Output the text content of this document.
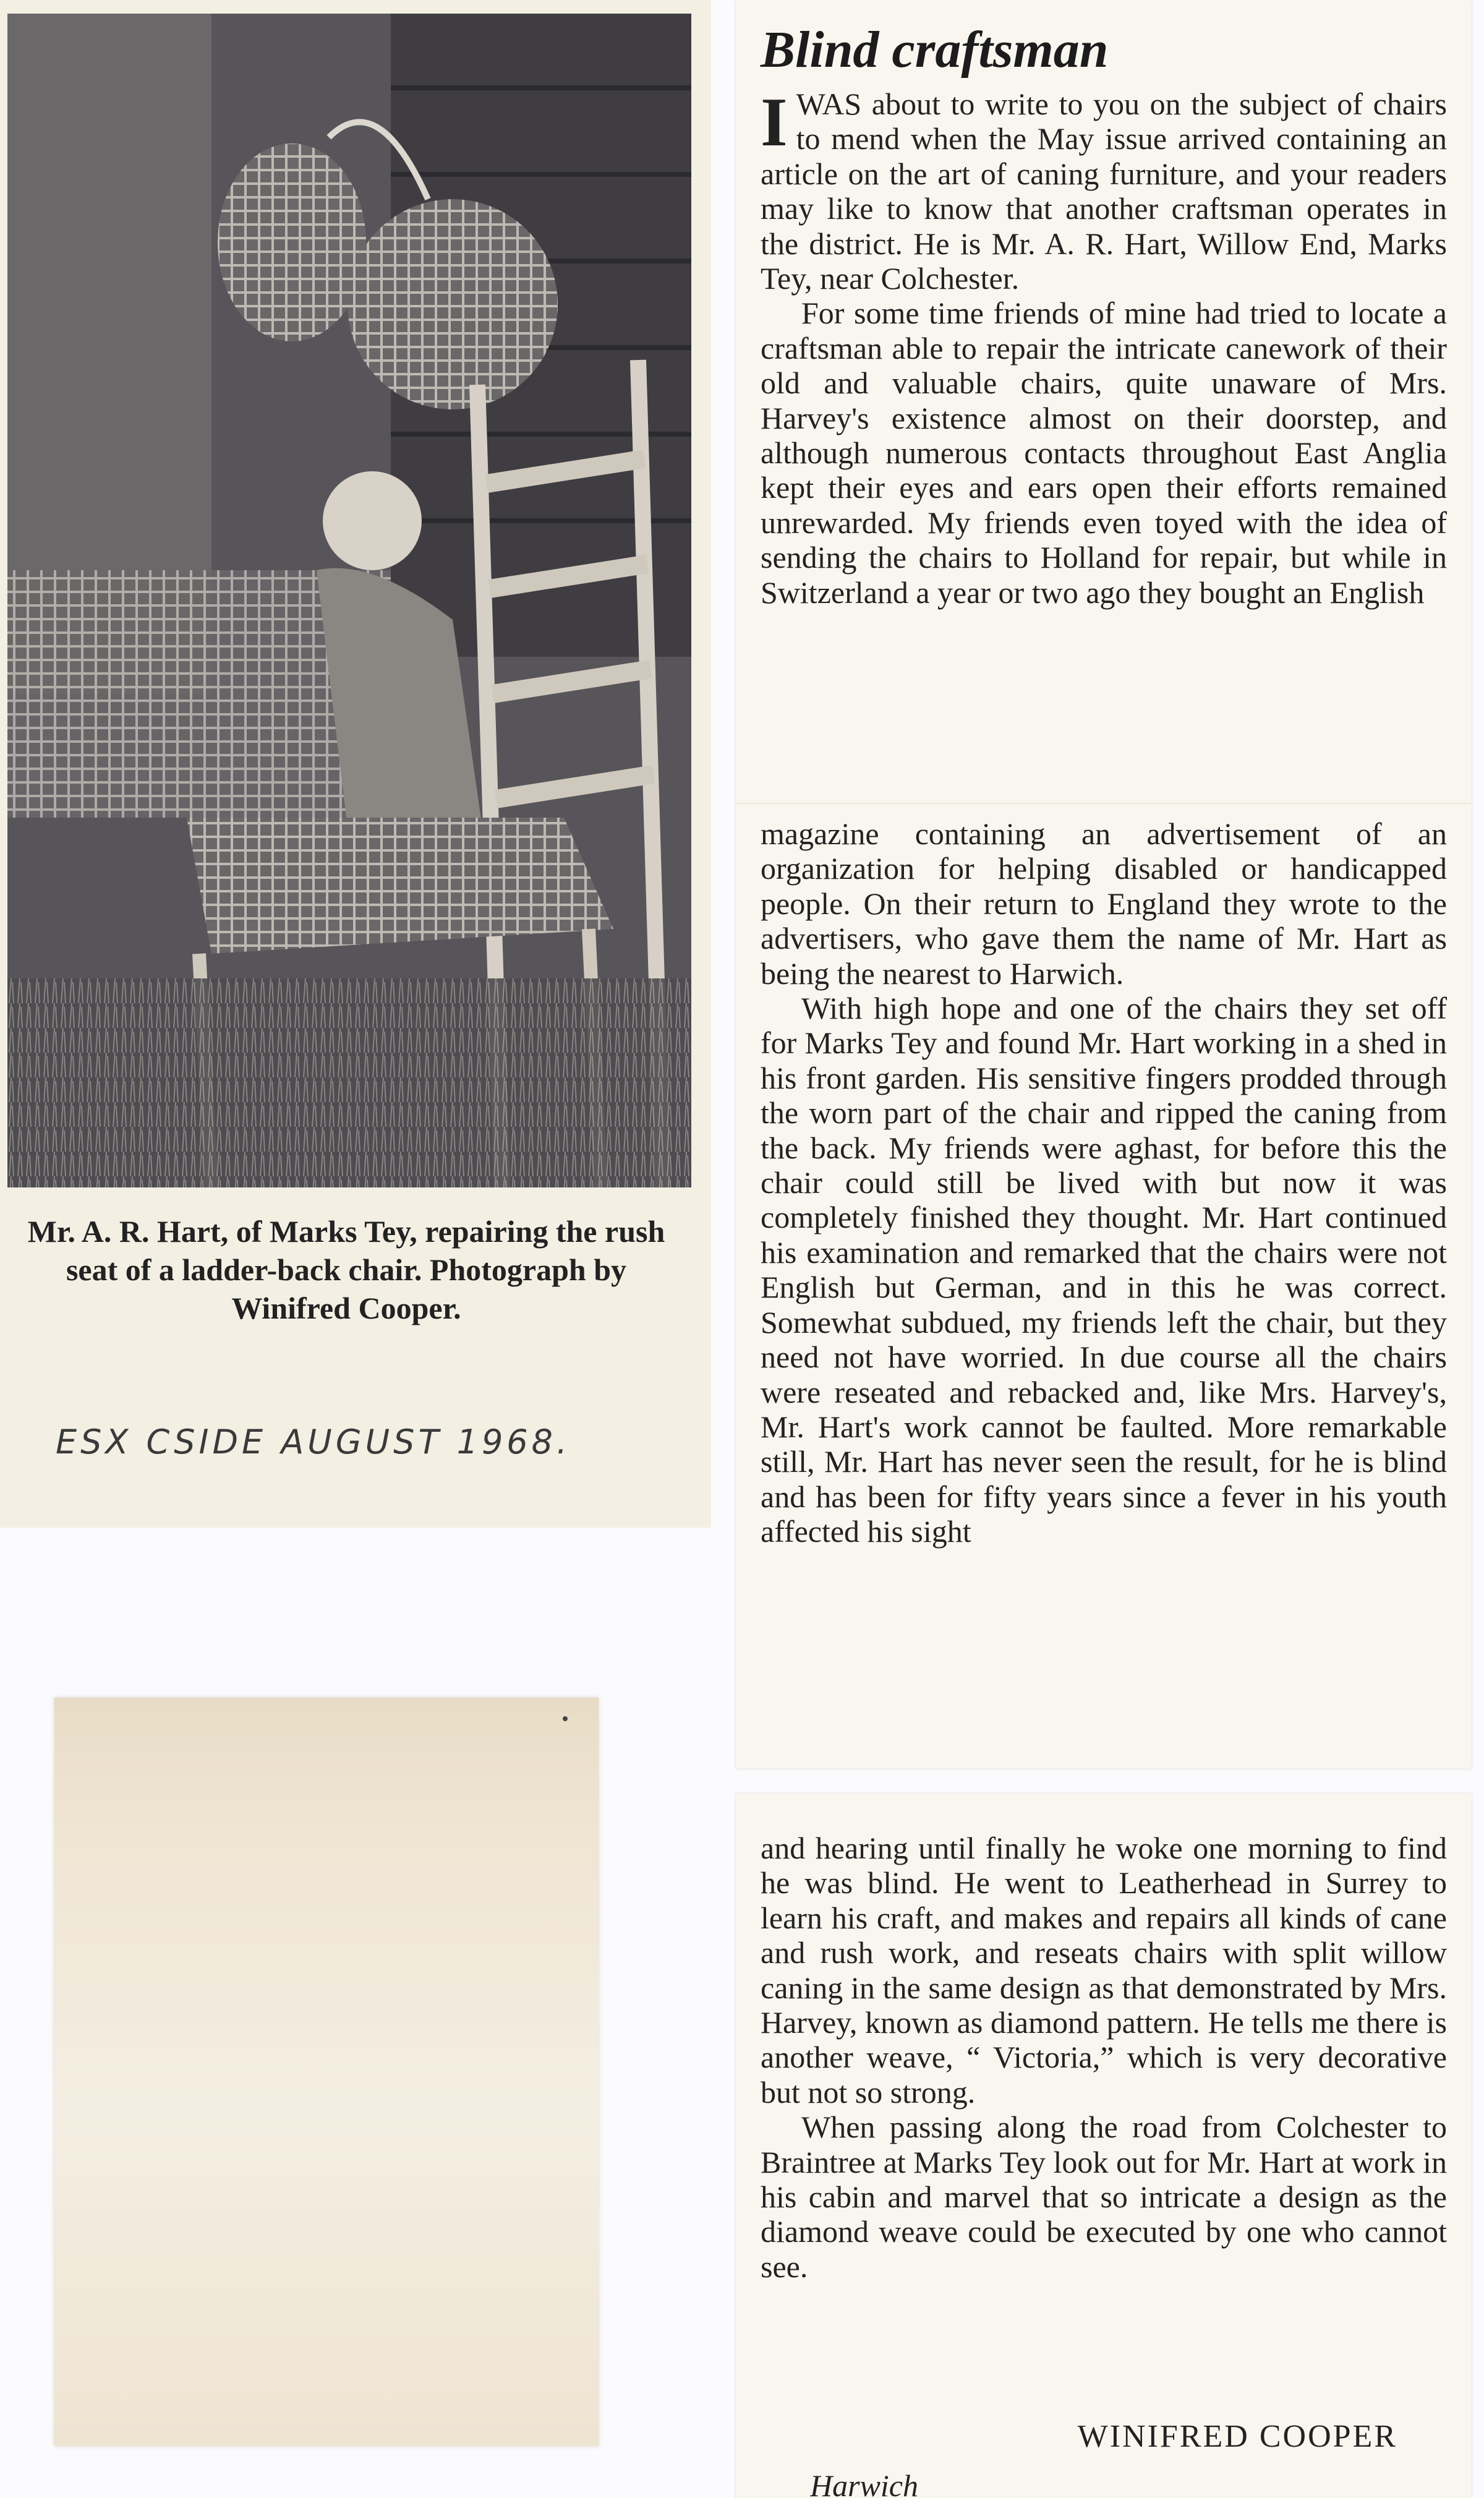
Mr. A. R. Hart, of Marks Tey, repairing the rush seat of a ladder-back chair. Photograph by Winifred Cooper.
ESX CSIDE AUGUST 1968.
Blind craftsman

IWAS about to write to you on the subject of chairs to mend when the May issue arrived containing an article on the art of caning furniture, and your readers may like to know that another craftsman operates in the district. He is Mr. A. R. Hart, Willow End, Marks Tey, near Colchester.

For some time friends of mine had tried to locate a craftsman able to repair the intricate canework of their old and valuable chairs, quite unaware of Mrs. Harvey's existence almost on their doorstep, and although numerous contacts throughout East Anglia kept their eyes and ears open their efforts remained unrewarded. My friends even toyed with the idea of sending the chairs to Holland for repair, but while in Switzerland a year or two ago they bought an English

magazine containing an advertisement of an organization for helping disabled or handicapped people. On their return to England they wrote to the advertisers, who gave them the name of Mr. Hart as being the nearest to Harwich.

With high hope and one of the chairs they set off for Marks Tey and found Mr. Hart working in a shed in his front garden. His sensitive fingers prodded through the worn part of the chair and ripped the caning from the back. My friends were aghast, for before this the chair could still be lived with but now it was completely finished they thought. Mr. Hart continued his examination and remarked that the chairs were not English but German, and in this he was correct. Somewhat subdued, my friends left the chair, but they need not have worried. In due course all the chairs were reseated and rebacked and, like Mrs. Harvey's, Mr. Hart's work cannot be faulted. More remarkable still, Mr. Hart has never seen the result, for he is blind and has been for fifty years since a fever in his youth affected his sight

and hearing until finally he woke one morning to find he was blind. He went to Leatherhead in Surrey to learn his craft, and makes and repairs all kinds of cane and rush work, and reseats chairs with split willow caning in the same design as that demonstrated by Mrs. Harvey, known as diamond pattern. He tells me there is another weave, “ Victoria,” which is very decorative but not so strong.

When passing along the road from Colchester to Braintree at Marks Tey look out for Mr. Hart at work in his cabin and marvel that so intricate a design as the diamond weave could be executed by one who cannot see.

WINIFRED COOPER
Harwich
